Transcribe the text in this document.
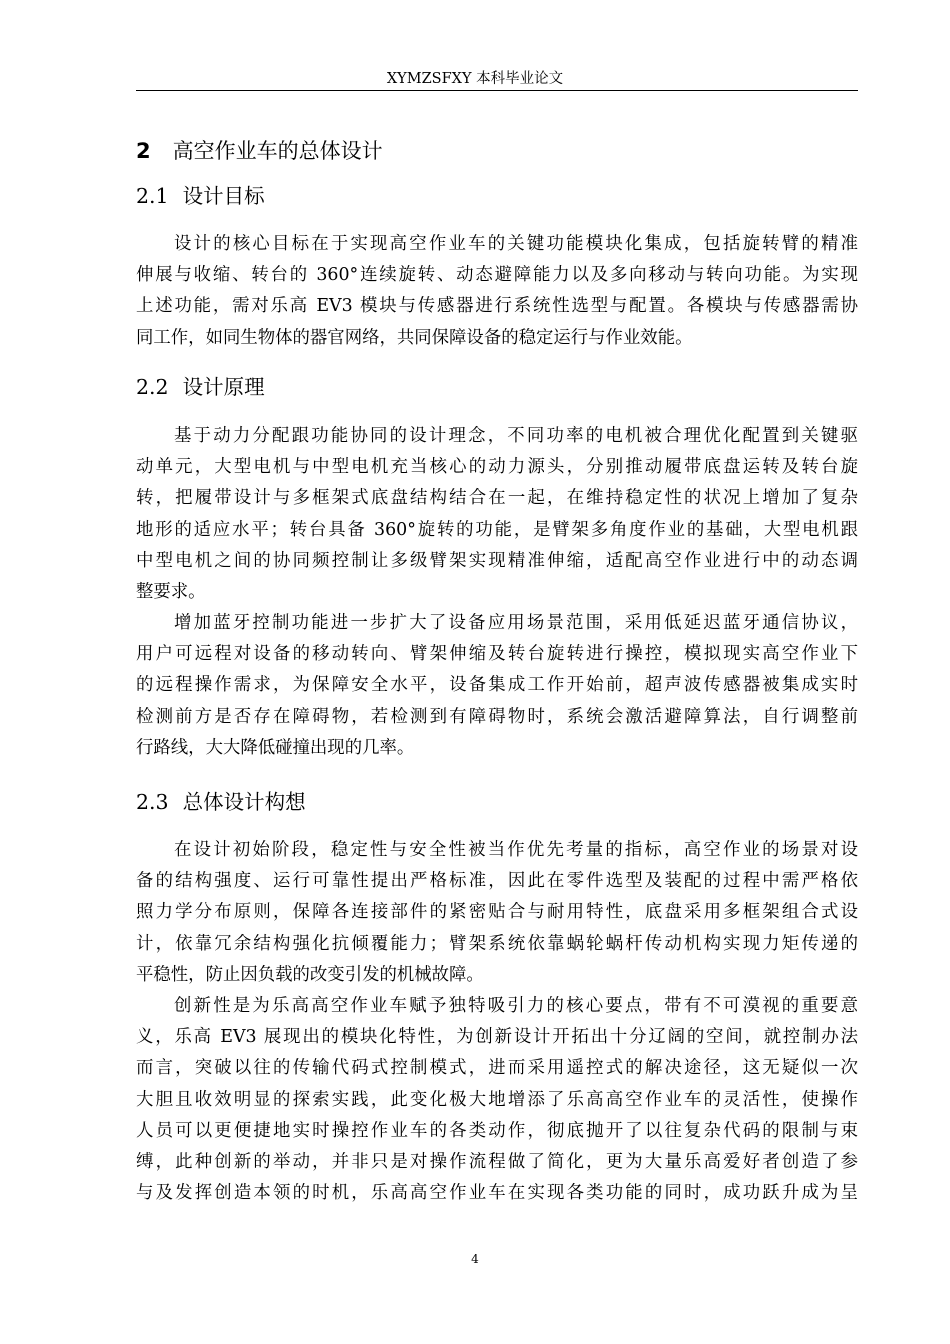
XYMZSFXY 本科毕业论文
2 高空作业车的总体设计
2.1 设计目标
设计的核心目标在于实现高空作业车的关键功能模块化集成，包括旋转臂的精准
伸展与收缩、转台的 360°连续旋转、动态避障能力以及多向移动与转向功能。为实现
上述功能，需对乐高 EV3 模块与传感器进行系统性选型与配置。各模块与传感器需协
同工作，如同生物体的器官网络，共同保障设备的稳定运行与作业效能。
2.2 设计原理
基于动力分配跟功能协同的设计理念，不同功率的电机被合理优化配置到关键驱
动单元，大型电机与中型电机充当核心的动力源头，分别推动履带底盘运转及转台旋
转，把履带设计与多框架式底盘结构结合在一起，在维持稳定性的状况上增加了复杂
地形的适应水平；转台具备 360°旋转的功能，是臂架多角度作业的基础，大型电机跟
中型电机之间的协同频控制让多级臂架实现精准伸缩，适配高空作业进行中的动态调
整要求。
增加蓝牙控制功能进一步扩大了设备应用场景范围，采用低延迟蓝牙通信协议，
用户可远程对设备的移动转向、臂架伸缩及转台旋转进行操控，模拟现实高空作业下
的远程操作需求，为保障安全水平，设备集成工作开始前，超声波传感器被集成实时
检测前方是否存在障碍物，若检测到有障碍物时，系统会激活避障算法，自行调整前
行路线，大大降低碰撞出现的几率。
2.3 总体设计构想
在设计初始阶段，稳定性与安全性被当作优先考量的指标，高空作业的场景对设
备的结构强度、运行可靠性提出严格标准，因此在零件选型及装配的过程中需严格依
照力学分布原则，保障各连接部件的紧密贴合与耐用特性，底盘采用多框架组合式设
计，依靠冗余结构强化抗倾覆能力；臂架系统依靠蜗轮蜗杆传动机构实现力矩传递的
平稳性，防止因负载的改变引发的机械故障。
创新性是为乐高高空作业车赋予独特吸引力的核心要点，带有不可漠视的重要意
义，乐高 EV3 展现出的模块化特性，为创新设计开拓出十分辽阔的空间，就控制办法
而言，突破以往的传输代码式控制模式，进而采用遥控式的解决途径，这无疑似一次
大胆且收效明显的探索实践，此变化极大地增添了乐高高空作业车的灵活性，使操作
人员可以更便捷地实时操控作业车的各类动作，彻底抛开了以往复杂代码的限制与束
缚，此种创新的举动，并非只是对操作流程做了简化，更为大量乐高爱好者创造了参
与及发挥创造本领的时机，乐高高空作业车在实现各类功能的同时，成功跃升成为呈
4
